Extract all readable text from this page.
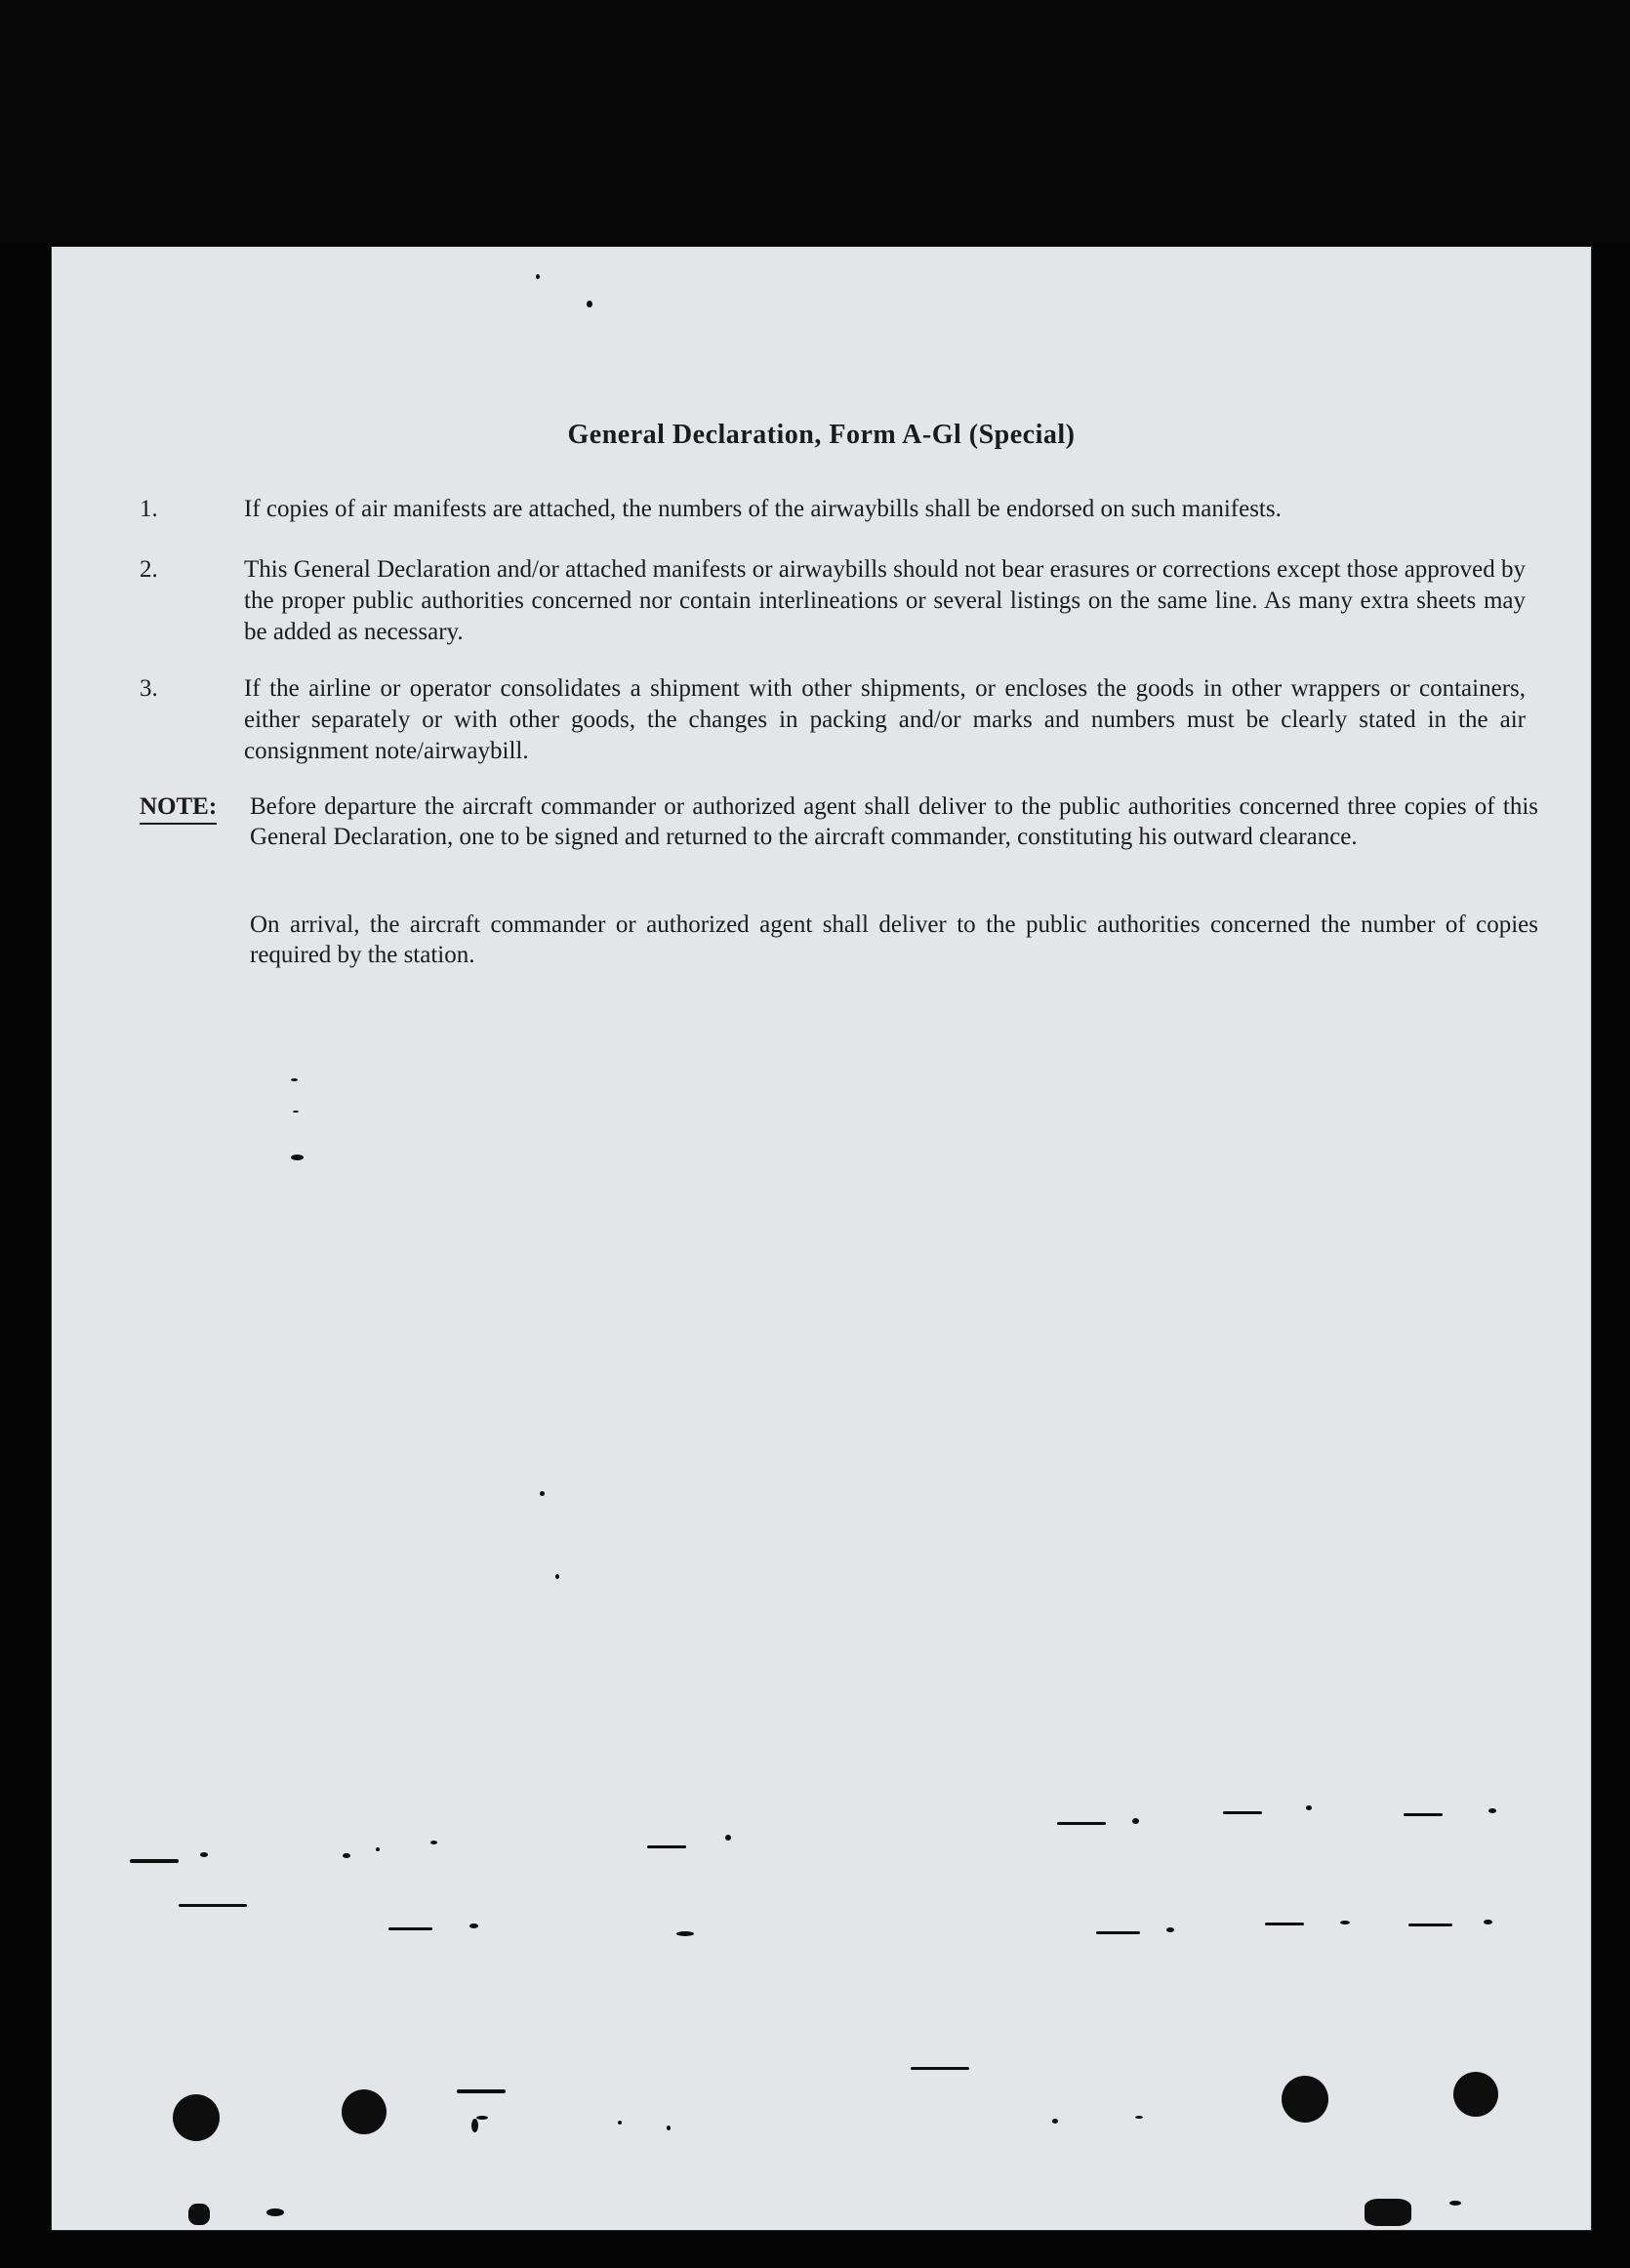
General Declaration, Form A-Gl (Special)
1.	If copies of air manifests are attached, the numbers of the airwaybills shall be endorsed on such manifests.
2.	This General Declaration and/or attached manifests or airwaybills should not bear erasures or corrections except those approved by the proper public authorities concerned nor contain interlineations or several listings on the same line. As many extra sheets may be added as necessary.
3.	If the airline or operator consolidates a shipment with other shipments, or encloses the goods in other wrappers or containers, either separately or with other goods, the changes in packing and/or marks and numbers must be clearly stated in the air consignment note/airwaybill.
NOTE: Before departure the aircraft commander or authorized agent shall deliver to the public authorities concerned three copies of this General Declaration, one to be signed and returned to the aircraft commander, constituting his outward clearance.
On arrival, the aircraft commander or authorized agent shall deliver to the public authorities concerned the number of copies required by the station.
